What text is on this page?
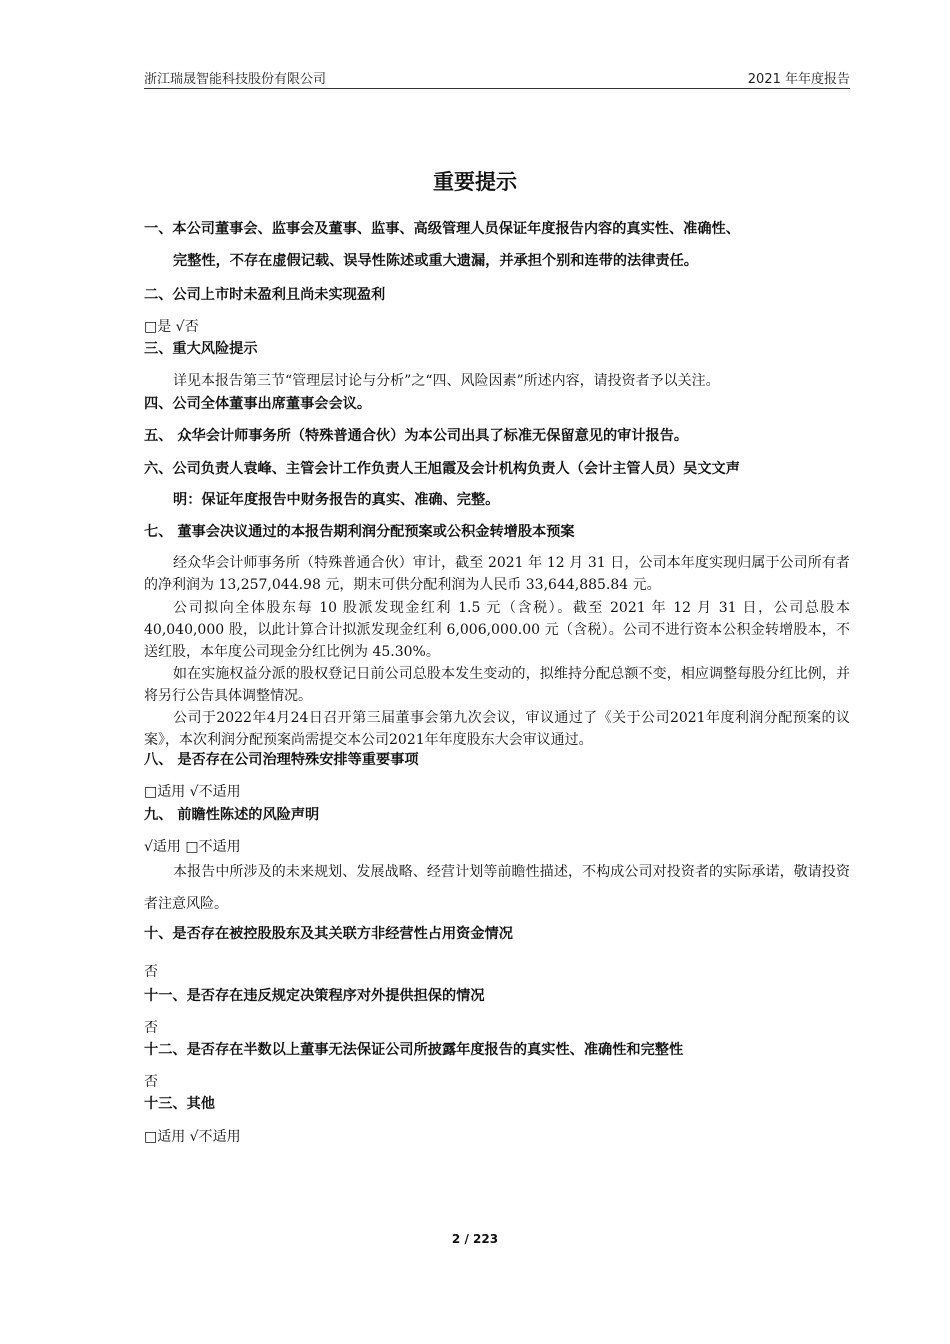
浙江瑞晟智能科技股份有限公司	2021 年年度报告
重要提示
一、本公司董事会、监事会及董事、监事、高级管理人员保证年度报告内容的真实性、准确性、
完整性，不存在虚假记载、误导性陈述或重大遗漏，并承担个别和连带的法律责任。
二、公司上市时未盈利且尚未实现盈利
□是 √否
三、重大风险提示
详见本报告第三节“管理层讨论与分析”之“四、风险因素”所述内容，请投资者予以关注。
四、公司全体董事出席董事会会议。
五、 众华会计师事务所（特殊普通合伙）为本公司出具了标准无保留意见的审计报告。
六、公司负责人袁峰、主管会计工作负责人王旭霞及会计机构负责人（会计主管人员）吴文文声
明：保证年度报告中财务报告的真实、准确、完整。
七、 董事会决议通过的本报告期利润分配预案或公积金转增股本预案
经众华会计师事务所（特殊普通合伙）审计，截至 2021 年 12 月 31 日，公司本年度实现归属于公司所有者的净利润为 13,257,044.98 元，期末可供分配利润为人民币 33,644,885.84 元。
公司拟向全体股东每 10 股派发现金红利 1.5 元（含税）。截至 2021 年 12 月 31 日，公司总股本 40,040,000 股，以此计算合计拟派发现金红利 6,006,000.00 元（含税）。公司不进行资本公积金转增股本，不送红股，本年度公司现金分红比例为 45.30%。
如在实施权益分派的股权登记日前公司总股本发生变动的，拟维持分配总额不变，相应调整每股分红比例，并将另行公告具体调整情况。
公司于2022年4月24日召开第三届董事会第九次会议，审议通过了《关于公司2021年度利润分配预案的议案》，本次利润分配预案尚需提交本公司2021年年度股东大会审议通过。
八、 是否存在公司治理特殊安排等重要事项
□适用 √不适用
九、 前瞻性陈述的风险声明
√适用 □不适用
本报告中所涉及的未来规划、发展战略、经营计划等前瞻性描述，不构成公司对投资者的实际承诺，敬请投资者注意风险。
十、是否存在被控股股东及其关联方非经营性占用资金情况
否
十一、是否存在违反规定决策程序对外提供担保的情况
否
十二、是否存在半数以上董事无法保证公司所披露年度报告的真实性、准确性和完整性
否
十三、其他
□适用 √不适用
2 / 223
